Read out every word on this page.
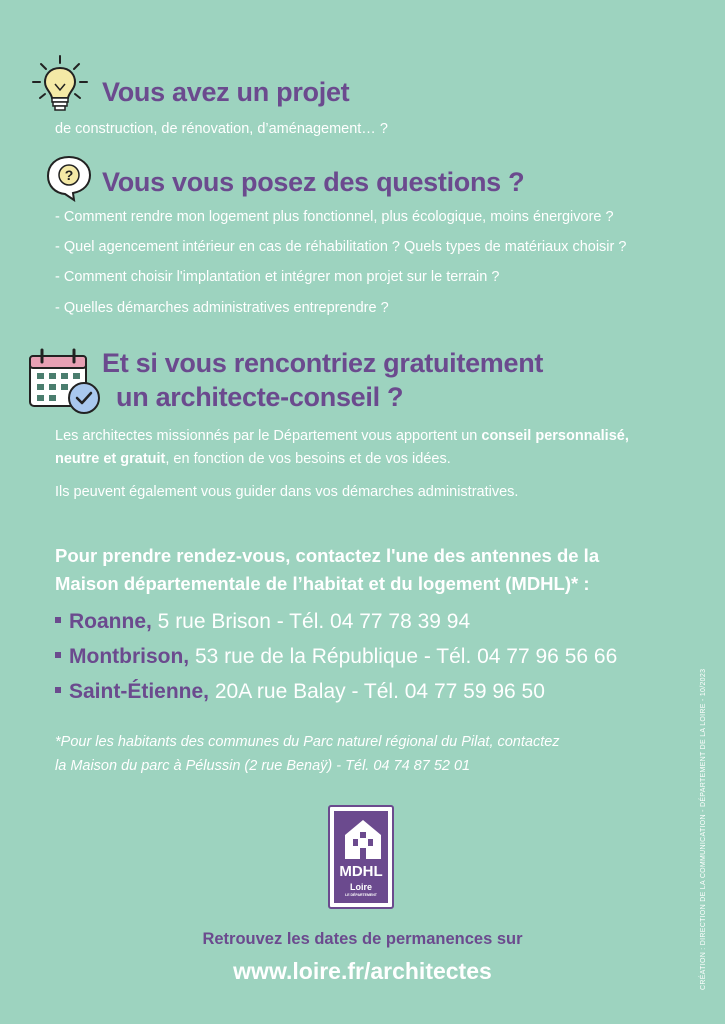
Vous avez un projet
de construction, de rénovation, d’aménagement… ?
? Vous vous posez des questions ?
- Comment rendre mon logement plus fonctionnel, plus écologique, moins énergivore ?
- Quel agencement intérieur en cas de réhabilitation ? Quels types de matériaux choisir ?
- Comment choisir l'implantation et intégrer mon projet sur le terrain ?
- Quelles démarches administratives entreprendre ?
Et si vous rencontriez gratuitement
un architecte-conseil ?
Les architectes missionnés par le Département vous apportent un conseil personnalisé,
neutre et gratuit, en fonction de vos besoins et de vos idées.
Ils peuvent également vous guider dans vos démarches administratives.
Pour prendre rendez-vous, contactez l'une des antennes de la
Maison départementale de l’habitat et du logement (MDHL)* :
Roanne, 5 rue Brison - Tél. 04 77 78 39 94
Montbrison, 53 rue de la République - Tél. 04 77 96 56 66
Saint-Étienne, 20A rue Balay - Tél. 04 77 59 96 50
*Pour les habitants des communes du Parc naturel régional du Pilat, contactez
la Maison du parc à Pélussin (2 rue Benaÿ) - Tél. 04 74 87 52 01	CRÉATION : DIRECTION DE LA COMMUNICATION - DÉPARTEMENT DE LA LOIRE - 10/2023
MDHL
Loire
LE DÉPARTEMENT
Retrouvez les dates de permanences sur
www.loire.fr/architectes
